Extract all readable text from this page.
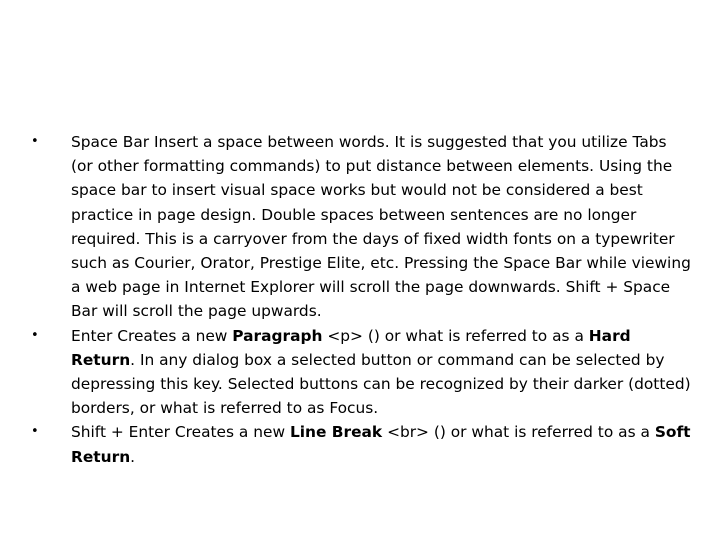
•	Space Bar Insert a space between words. It is suggested that you utilize Tabs (or other formatting commands) to put distance between elements. Using the space bar to insert visual space works but would not be considered a best practice in page design. Double spaces between sentences are no longer required. This is a carryover from the days of fixed width fonts on a typewriter such as Courier, Orator, Prestige Elite, etc. Pressing the Space Bar while viewing a web page in Internet Explorer will scroll the page downwards. Shift + Space Bar will scroll the page upwards.
•	Enter Creates a new Paragraph <p> () or what is referred to as a Hard Return. In any dialog box a selected button or command can be selected by depressing this key. Selected buttons can be recognized by their darker (dotted) borders, or what is referred to as Focus.
•	Shift + Enter Creates a new Line Break <br> () or what is referred to as a Soft Return.
